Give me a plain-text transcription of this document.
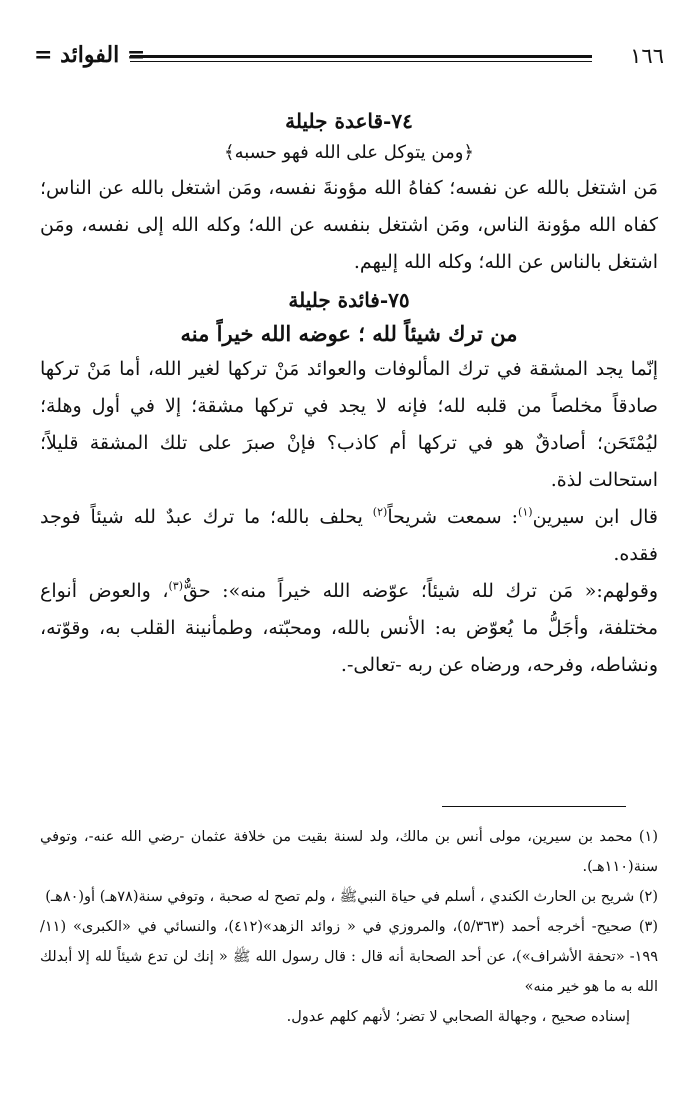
١٦٦
= الفوائد =

٧٤-قاعدة جليلة

﴿ومن يتوكل على الله فهو حسبه﴾

مَن اشتغل بالله عن نفسه؛ كفاهُ الله مؤونةَ نفسه، ومَن اشتغل بالله عن الناس؛ كفاه الله مؤونة الناس، ومَن اشتغل بنفسه عن الله؛ وكله الله إلى نفسه، ومَن اشتغل بالناس عن الله؛ وكله الله إليهم.

٧٥-فائدة جليلة

من ترك شيئاً لله ؛ عوضه الله خيراً منه

إنّما يجد المشقة في ترك المألوفات والعوائد مَنْ تركها لغير الله، أما مَنْ تركها صادقاً مخلصاً من قلبه لله؛ فإنه لا يجد في تركها مشقة؛ إلا في أول وهلة؛ ليُمْتَحَن؛ أصادقٌ هو في تركها أم كاذب؟ فإنْ صبرَ على تلك المشقة قليلاً؛ استحالت لذة.

قال ابن سيرين$^{(١)}$: سمعت شريحاً$^{(٢)}$ يحلف بالله؛ ما ترك عبدٌ لله شيئاً فوجد فقده.

وقولهم:« مَن ترك لله شيئاً؛ عوّضه الله خيراً منه»: حقٌّ$^{(٣)}$، والعوض أنواع مختلفة، وأجَلُّ ما يُعوّض به: الأنس بالله، ومحبّته، وطمأنينة القلب به، وقوّته، ونشاطه، وفرحه، ورضاه عن ربه -تعالى-.

(١) محمد بن سيرين، مولى أنس بن مالك، ولد لسنة بقيت من خلافة عثمان -رضي الله عنه-، وتوفي سنة(١١٠هـ).

(٢) شريح بن الحارث الكندي ، أسلم في حياة النبيﷺ ، ولم تصح له صحبة ، وتوفي سنة(٧٨هـ) أو(٨٠هـ)

(٣) صحيح- أخرجه أحمد (٥/٣٦٣)، والمروزي في « زوائد الزهد»(٤١٢)، والنسائي في «الكبرى» (١١/ ١٩٩- «تحفة الأشراف»)، عن أحد الصحابة أنه قال : قال رسول الله ﷺ « إنك لن تدع شيئاً لله إلا أبدلك الله به ما هو خير منه»

إسناده صحيح ، وجهالة الصحابي لا تضر؛ لأنهم كلهم عدول.
